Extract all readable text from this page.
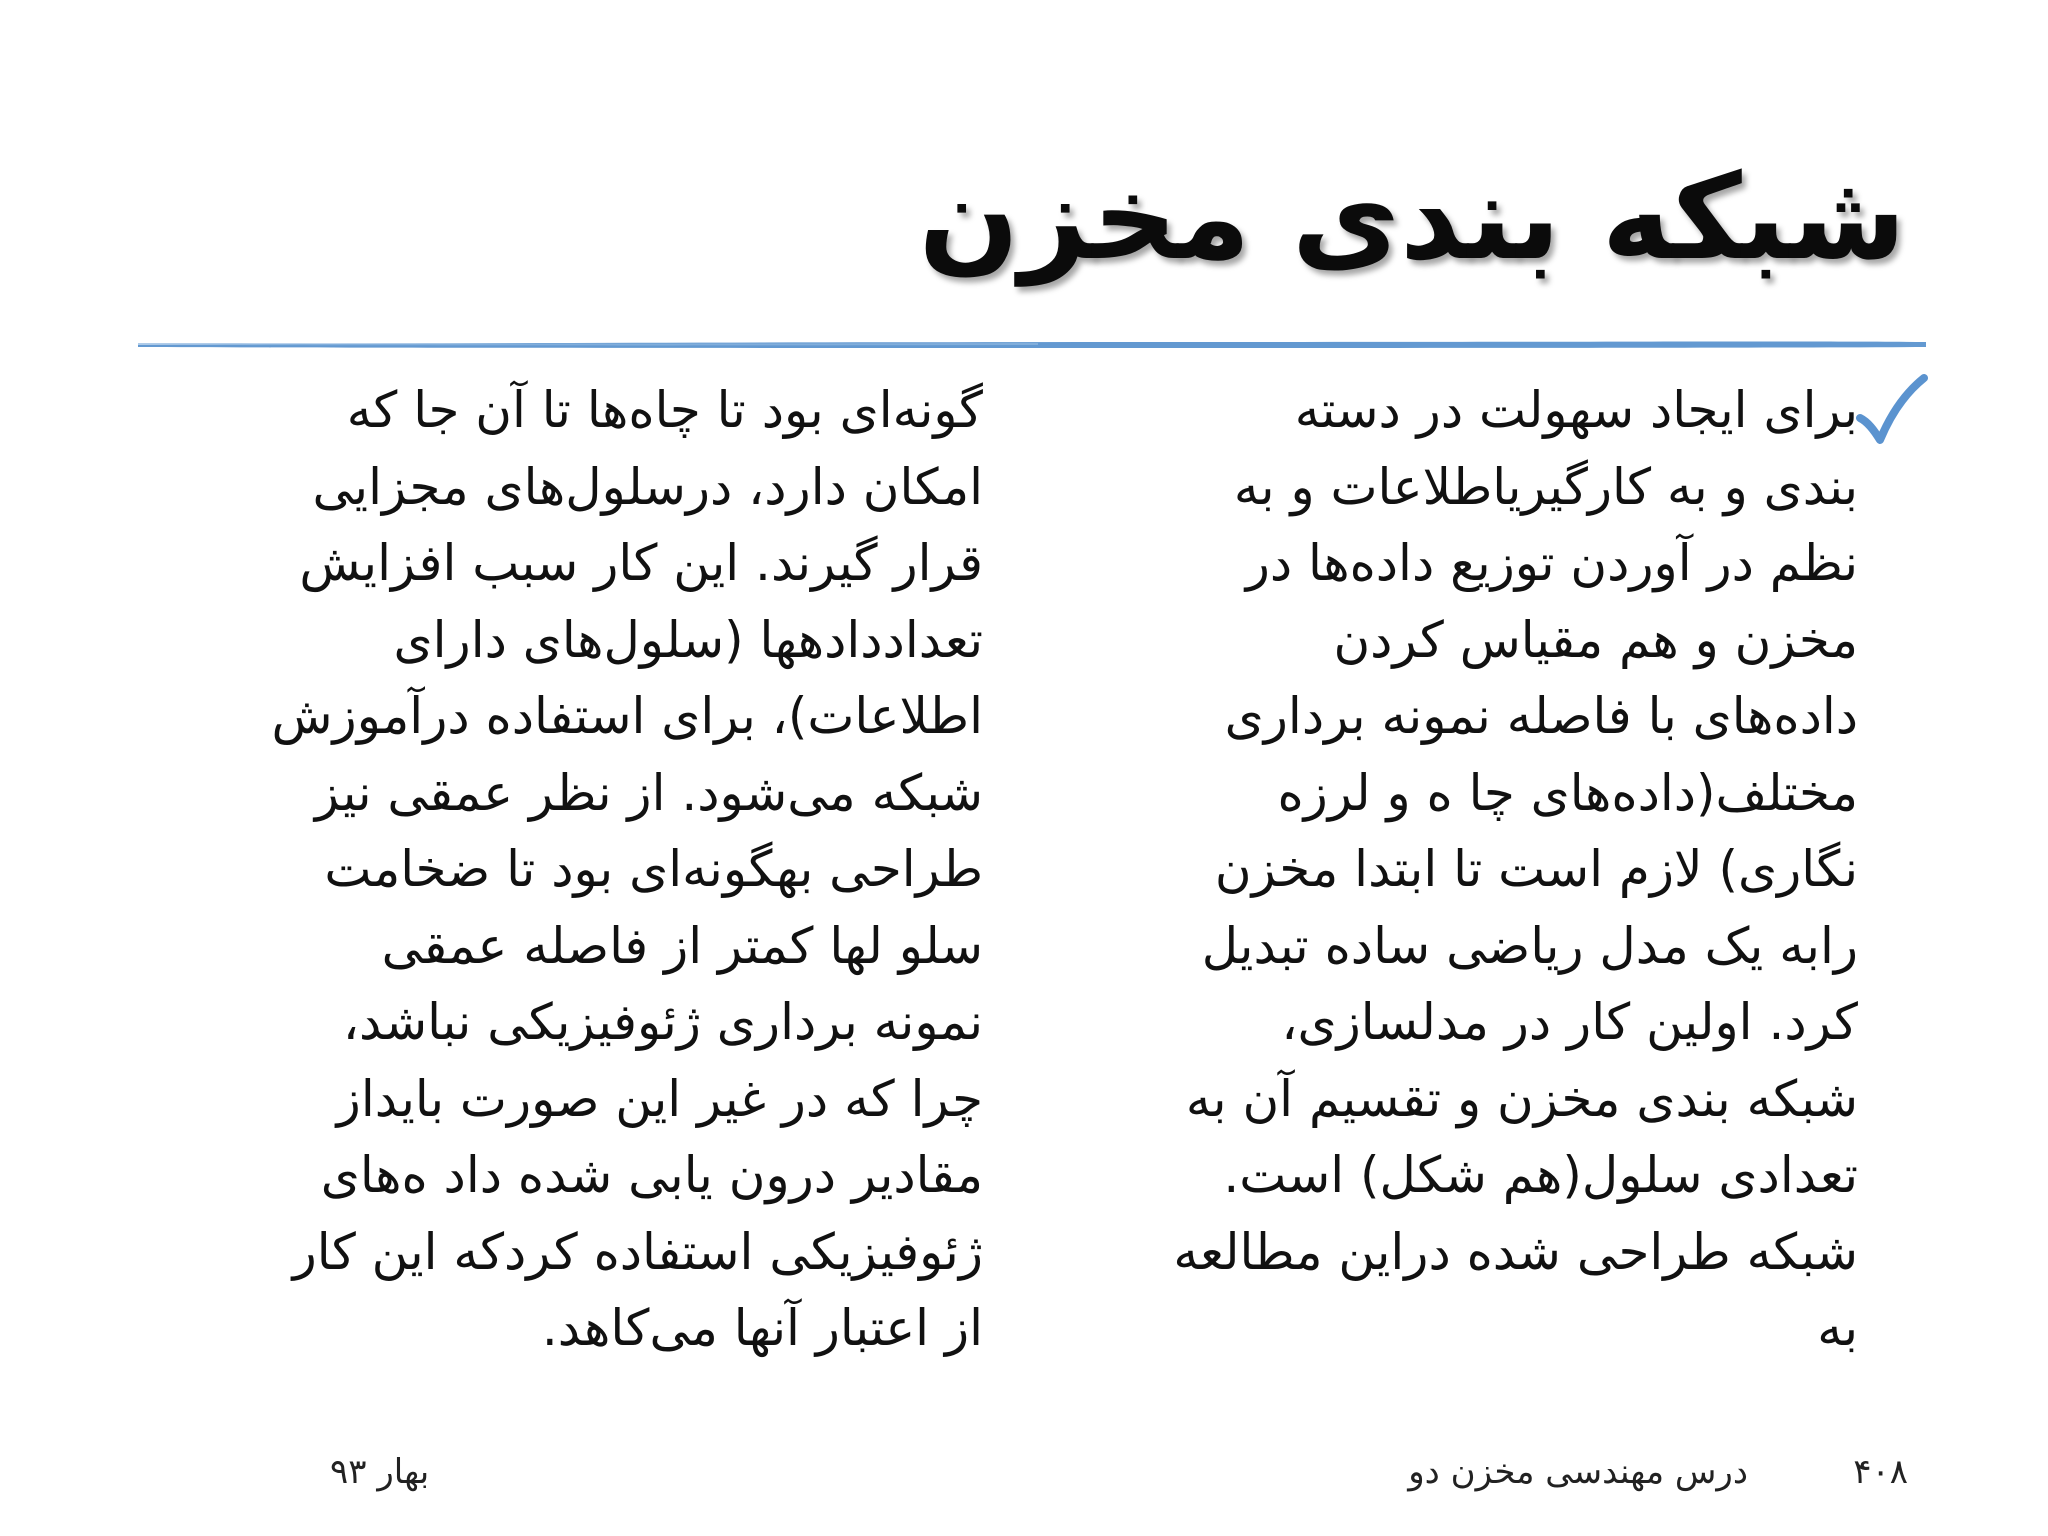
شبکه بندی مخزن
برای ایجاد سهولت در دسته
بندی و به کارگیریاطلاعات و به
نظم در آوردن توزیع داده‌ها در
مخزن و هم مقیاس کردن
داده‌های با فاصله نمونه برداری
مختلف(داده‌های چا ه و لرزه
نگاری) لازم است تا ابتدا مخزن
رابه یک مدل ریاضی ساده تبدیل
کرد. اولین کار در مدلسازی،
شبکه بندی مخزن و تقسیم آن به
تعدادی سلول(هم شکل) است.
شبکه طراحی شده دراین مطالعه
به
گونه‌ای بود تا چاه‌ها تا آن جا که
امکان دارد، درسلول‌های مجزایی
قرار گیرند. این کار سبب افزایش
تعداددادهها (سلول‌های دارای
اطلاعات)، برای استفاده درآموزش
شبکه می‌شود. از نظر عمقی نیز
طراحی بهگونه‌ای بود تا ضخامت
سلو لها کمتر از فاصله عمقی
نمونه برداری ژئوفیزیکی نباشد،
چرا که در غیر این صورت بایداز
مقادیر درون یابی شده داد ه‌های
ژئوفیزیکی استفاده کردکه این کار
از اعتبار آنها می‌کاهد.
۴۰۸
درس مهندسی مخزن دو
بهار ۹۳
